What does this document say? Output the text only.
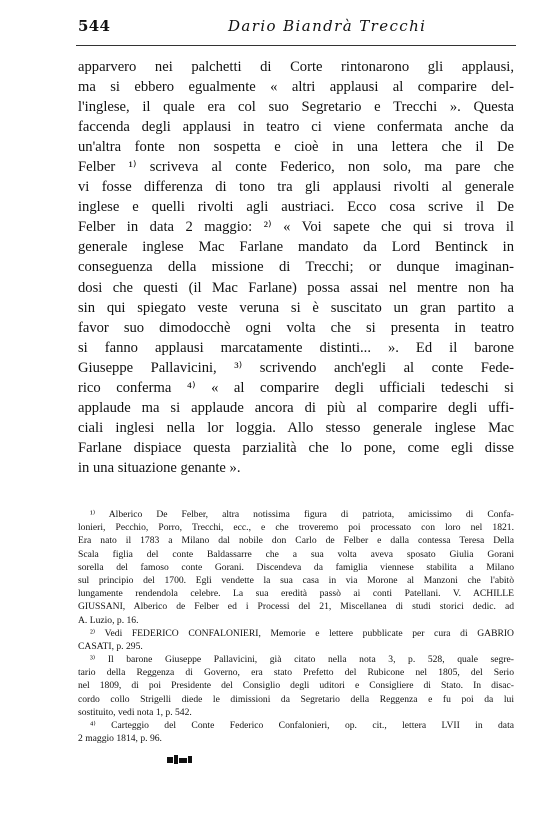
544	Dario Biandrà Trecchi
apparvero nei palchetti di Corte rintonarono gli applausi,
ma si ebbero egualmente « altri applausi al comparire del-
l'inglese, il quale era col suo Segretario e Trecchi ». Questa
faccenda degli applausi in teatro ci viene confermata anche da
un'altra fonte non sospetta e cioè in una lettera che il De
Felber ¹⁾ scriveva al conte Federico, non solo, ma pare che
vi fosse differenza di tono tra gli applausi rivolti al generale
inglese e quelli rivolti agli austriaci. Ecco cosa scrive il De
Felber in data 2 maggio: ²⁾ « Voi sapete che qui si trova il
generale inglese Mac Farlane mandato da Lord Bentinck in
conseguenza della missione di Trecchi; or dunque imaginan-
dosi che questi (il Mac Farlane) possa assai nel mentre non ha
sin qui spiegato veste veruna si è suscitato un gran partito a
favor suo dimodocchè ogni volta che si presenta in teatro
si fanno applausi marcatamente distinti... ». Ed il barone
Giuseppe Pallavicini, ³⁾ scrivendo anch'egli al conte Fede-
rico conferma ⁴⁾ « al comparire degli ufficiali tedeschi si
applaude ma si applaude ancora di più al comparire degli uffi-
ciali inglesi nella lor loggia. Allo stesso generale inglese Mac
Farlane dispiace questa parzialità che lo pone, come egli disse
in una situazione genante ».
¹⁾ Alberico De Felber, altra notissima figura di patriota, amicissimo di Confa-
lonieri, Pecchio, Porro, Trecchi, ecc., e che troveremo poi processato con loro nel 1821.
Era nato il 1783 a Milano dal nobile don Carlo de Felber e dalla contessa Teresa Della
Scala figlia del conte Baldassarre che a sua volta aveva sposato Giulia Gorani
sorella del famoso conte Gorani. Discendeva da famiglia viennese stabilita a Milano
sul principio del 1700. Egli vendette la sua casa in via Morone al Manzoni che l'abitò
lungamente rendendola celebre. La sua eredità passò ai conti Patellani. V. ACHILLE
GIUSSANI, Alberico de Felber ed i Processi del 21, Miscellanea di studi storici dedic. ad
A. Luzio, p. 16.
²⁾ Vedi FEDERICO CONFALONIERI, Memorie e lettere pubblicate per cura di GABRIO
CASATI, p. 295.
³⁾ Il barone Giuseppe Pallavicini, già citato nella nota 3, p. 528, quale segre-
tario della Reggenza di Governo, era stato Prefetto del Rubicone nel 1805, del Serio
nel 1809, di poi Presidente del Consiglio degli uditori e Consigliere di Stato. In disac-
cordo collo Strigelli diede le dimissioni da Segretario della Reggenza e fu poi da lui
sostituito, vedi nota 1, p. 542.
⁴⁾ Carteggio del Conte Federico Confalonieri, op. cit., lettera LVII in data
2 maggio 1814, p. 96.
